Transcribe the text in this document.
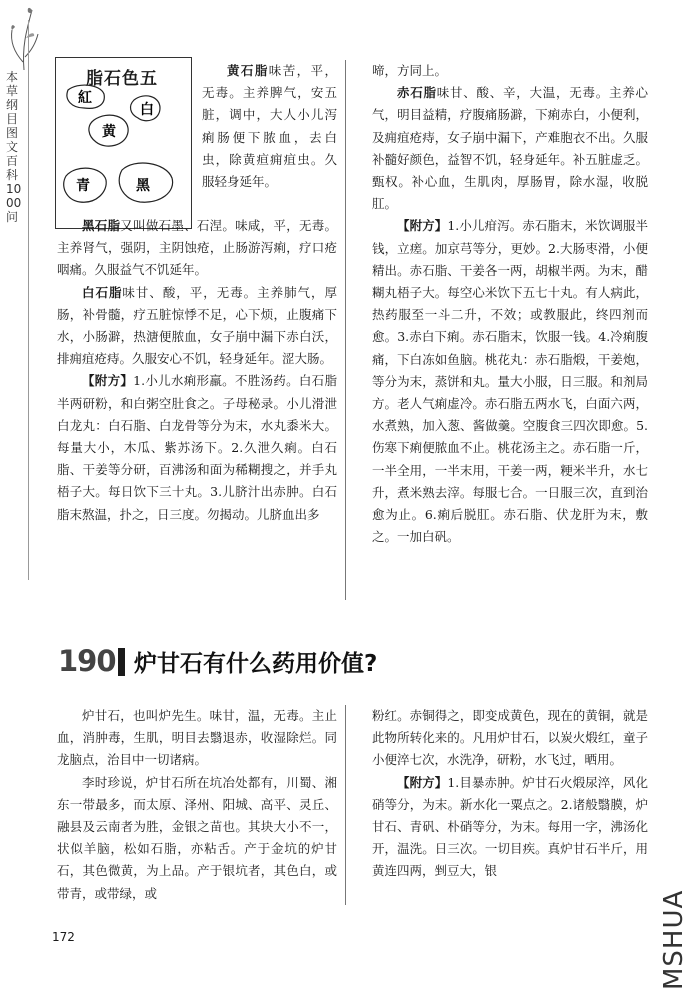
本草纲目图文百科1000问
脂石色五
紅
白
黄
青	黑

黄石脂味苦，平，无毒。主养脾气，安五脏，调中，大人小儿泻痢肠便下脓血，去白虫，除黄疸痈疽虫。久服轻身延年。

黑石脂又叫做石墨、石涅。味咸，平，无毒。主养肾气，强阴，主阴蚀疮，止肠游泻痢，疗口疮咽痛。久服益气不饥延年。

白石脂味甘、酸，平，无毒。主养肺气，厚肠，补骨髓，疗五脏惊悸不足，心下烦，止腹痛下水，小肠澼，热溏便脓血，女子崩中漏下赤白沃，排痈疽疮痔。久服安心不饥，轻身延年。涩大肠。

【附方】1.小儿水痢形羸。不胜汤药。白石脂半两研粉，和白粥空肚食之。子母秘录。小儿滑泄白龙丸：白石脂、白龙骨等分为末，水丸黍米大。每量大小，木瓜、紫苏汤下。2.久泄久痢。白石脂、干姜等分研，百沸汤和面为稀糊搜之，并手丸梧子大。每日饮下三十丸。3.儿脐汁出赤肿。白石脂末熬温，扑之，日三度。勿揭动。儿脐血出多

啼，方同上。

赤石脂味甘、酸、辛，大温，无毒。主养心气，明目益精，疗腹痛肠澼，下痢赤白，小便利，及痈疽疮痔，女子崩中漏下，产难胞衣不出。久服补髓好颜色，益智不饥，轻身延年。补五脏虚乏。甄权。补心血，生肌肉，厚肠胃，除水湿，收脱肛。

【附方】1.小儿疳泻。赤石脂末，米饮调服半钱，立瘥。加京芎等分，更妙。2.大肠枣滑，小便精出。赤石脂、干姜各一两，胡椒半两。为末，醋糊丸梧子大。每空心米饮下五七十丸。有人病此，热药服至一斗二升，不效；或教服此，终四剂而愈。3.赤白下痢。赤石脂末，饮服一钱。4.冷痢腹痛，下白冻如鱼脑。桃花丸：赤石脂煅，干姜炮，等分为末，蒸饼和丸。量大小服，日三服。和剂局方。老人气痢虚冷。赤石脂五两水飞，白面六两，水煮熟，加入葱、酱做羹。空腹食三四次即愈。5.伤寒下痢便脓血不止。桃花汤主之。赤石脂一斤，一半全用，一半末用，干姜一两，粳米半升，水七升，煮米熟去滓。每服七合。一日服三次，直到治愈为止。6.痢后脱肛。赤石脂、伏龙肝为末，敷之。一加白矾。

190 炉甘石有什么药用价值?

炉甘石，也叫炉先生。味甘，温，无毒。主止血，消肿毒，生肌，明目去翳退赤，收湿除烂。同龙脑点，治目中一切诸病。

李时珍说，炉甘石所在坑冶处都有，川蜀、湘东一带最多，而太原、泽州、阳城、高平、灵丘、融县及云南者为胜，金银之苗也。其块大小不一，状似羊脑，松如石脂，亦粘舌。产于金坑的炉甘石，其色微黄，为上品。产于银坑者，其色白，或带青，或带绿，或

粉红。赤铜得之，即变成黄色，现在的黄铜，就是此物所转化来的。凡用炉甘石，以炭火煅红，童子小便淬七次，水洗净，研粉，水飞过，晒用。

【附方】1.目暴赤肿。炉甘石火煅尿淬，风化硝等分，为末。新水化一粟点之。2.诸般翳膜，炉甘石、青矾、朴硝等分，为末。每用一字，沸汤化开，温洗。日三次。一切目疾。真炉甘石半斤，用黄连四两，剉豆大，银

172	MSHUA
